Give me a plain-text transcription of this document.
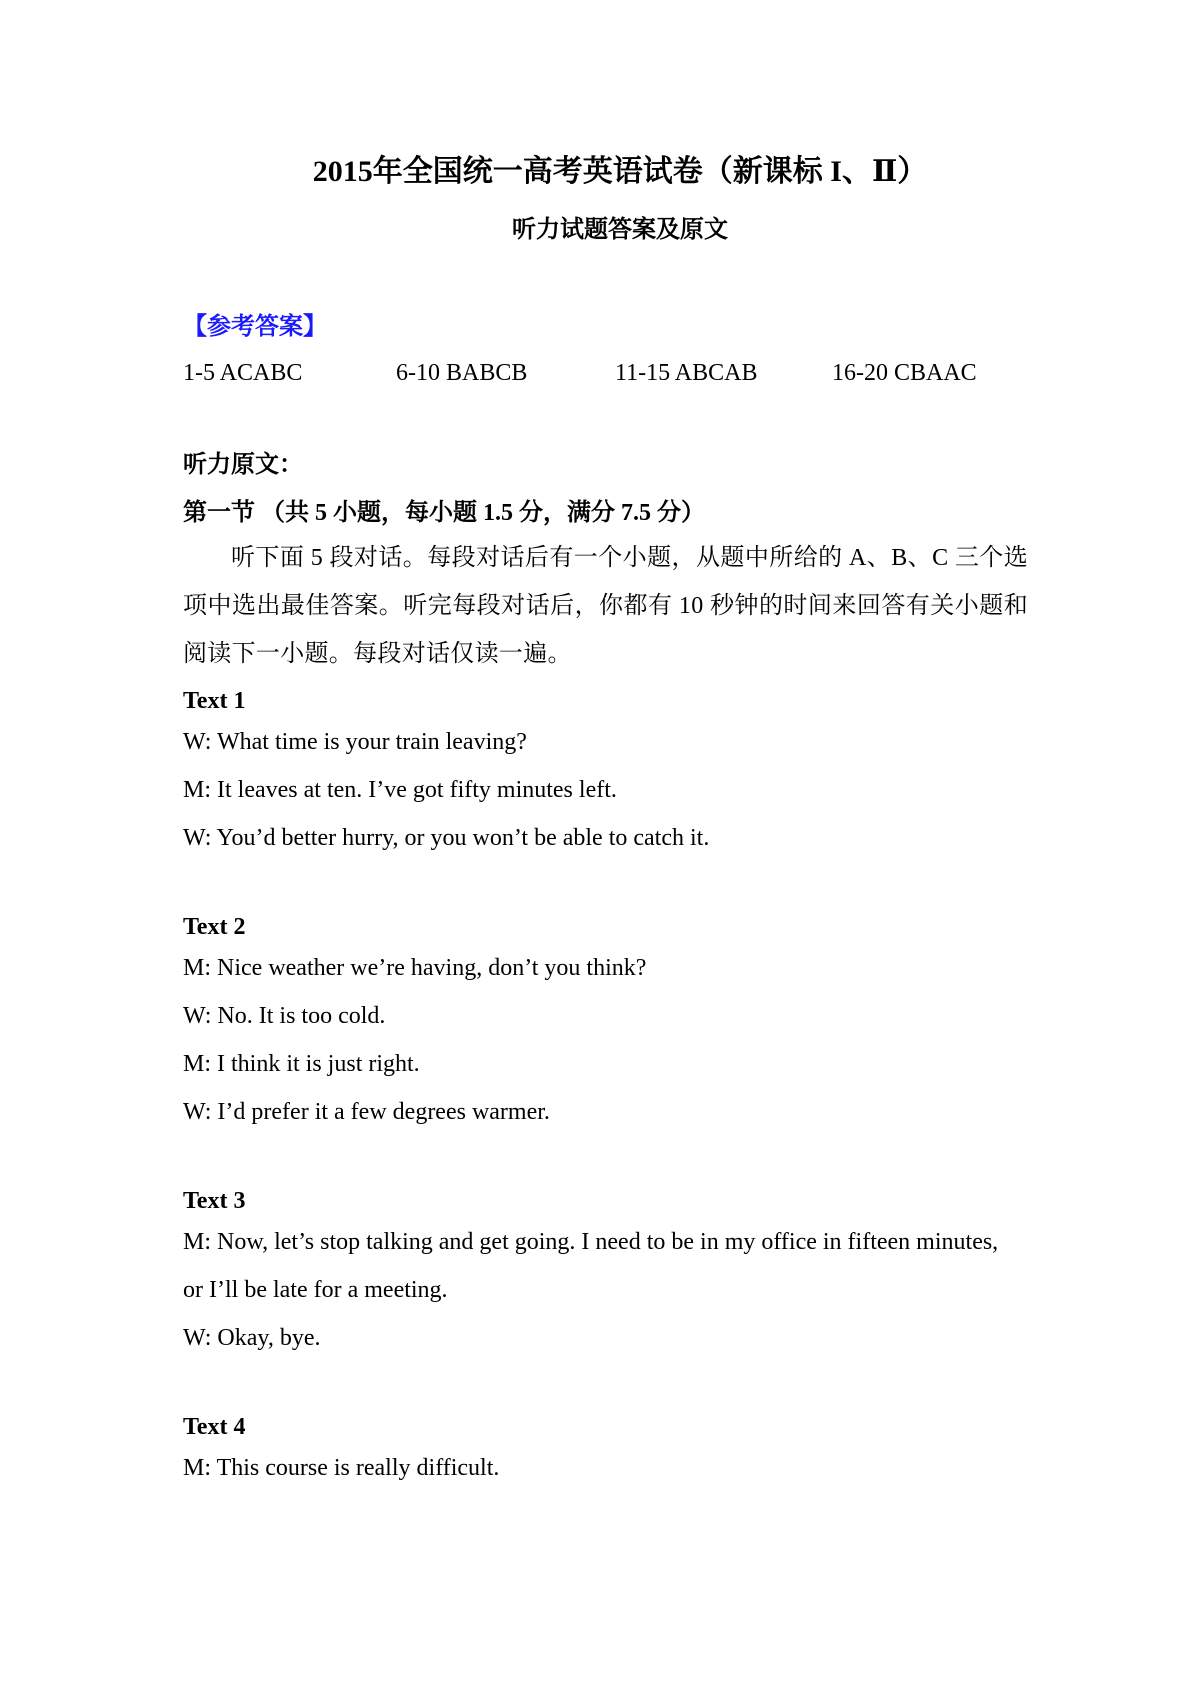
2015年全国统一高考英语试卷（新课标 I、Ⅱ）
听力试题答案及原文
【参考答案】
1-5 ACABC	6-10 BABCB	11-15 ABCAB	16-20 CBAAC
听力原文：
第一节 （共 5 小题，每小题 1.5 分，满分 7.5 分）
听下面 5 段对话。每段对话后有一个小题，从题中所给的 A、B、C 三个选项中选出最佳答案。听完每段对话后，你都有 10 秒钟的时间来回答有关小题和阅读下一小题。每段对话仅读一遍。
Text 1
W: What time is your train leaving?
M: It leaves at ten. I’ve got fifty minutes left.
W: You’d better hurry, or you won’t be able to catch it.
Text 2
M: Nice weather we’re having, don’t you think?
W: No. It is too cold.
M: I think it is just right.
W: I’d prefer it a few degrees warmer.
Text 3
M: Now, let’s stop talking and get going. I need to be in my office in fifteen minutes,
or I’ll be late for a meeting.
W: Okay, bye.
Text 4
M: This course is really difficult.
